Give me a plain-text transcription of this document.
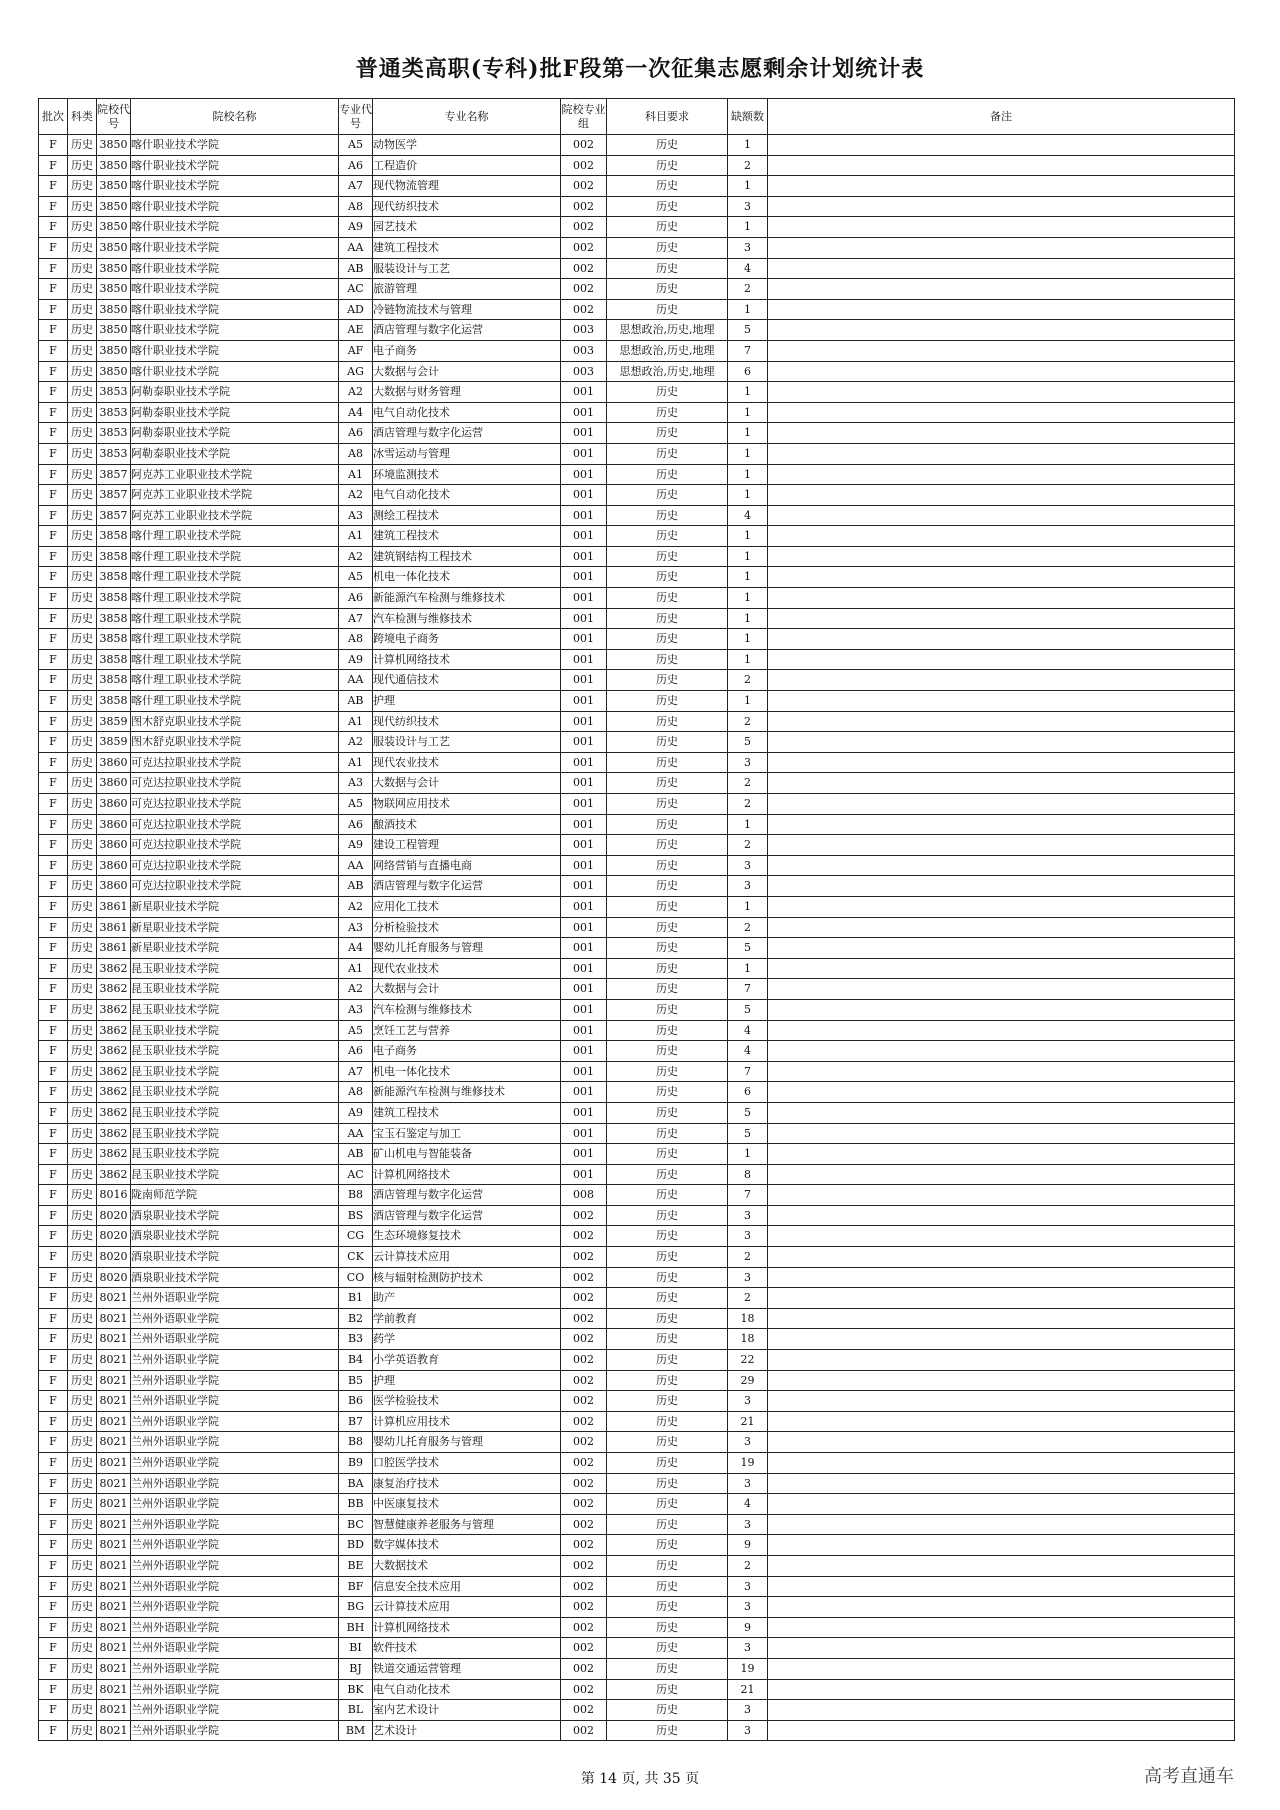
普通类高职(专科)批F段第一次征集志愿剩余计划统计表
批次	科类	院校代号	院校名称	专业代号	专业名称	院校专业组	科目要求	缺额数	备注
F	历史	3850	喀什职业技术学院	A5	动物医学	002	历史	1	
F	历史	3850	喀什职业技术学院	A6	工程造价	002	历史	2	
F	历史	3850	喀什职业技术学院	A7	现代物流管理	002	历史	1	
F	历史	3850	喀什职业技术学院	A8	现代纺织技术	002	历史	3	
F	历史	3850	喀什职业技术学院	A9	园艺技术	002	历史	1	
F	历史	3850	喀什职业技术学院	AA	建筑工程技术	002	历史	3	
F	历史	3850	喀什职业技术学院	AB	服装设计与工艺	002	历史	4	
F	历史	3850	喀什职业技术学院	AC	旅游管理	002	历史	2	
F	历史	3850	喀什职业技术学院	AD	冷链物流技术与管理	002	历史	1	
F	历史	3850	喀什职业技术学院	AE	酒店管理与数字化运营	003	思想政治,历史,地理	5	
F	历史	3850	喀什职业技术学院	AF	电子商务	003	思想政治,历史,地理	7	
F	历史	3850	喀什职业技术学院	AG	大数据与会计	003	思想政治,历史,地理	6	
F	历史	3853	阿勒泰职业技术学院	A2	大数据与财务管理	001	历史	1	
F	历史	3853	阿勒泰职业技术学院	A4	电气自动化技术	001	历史	1	
F	历史	3853	阿勒泰职业技术学院	A6	酒店管理与数字化运营	001	历史	1	
F	历史	3853	阿勒泰职业技术学院	A8	冰雪运动与管理	001	历史	1	
F	历史	3857	阿克苏工业职业技术学院	A1	环境监测技术	001	历史	1	
F	历史	3857	阿克苏工业职业技术学院	A2	电气自动化技术	001	历史	1	
F	历史	3857	阿克苏工业职业技术学院	A3	测绘工程技术	001	历史	4	
F	历史	3858	喀什理工职业技术学院	A1	建筑工程技术	001	历史	1	
F	历史	3858	喀什理工职业技术学院	A2	建筑钢结构工程技术	001	历史	1	
F	历史	3858	喀什理工职业技术学院	A5	机电一体化技术	001	历史	1	
F	历史	3858	喀什理工职业技术学院	A6	新能源汽车检测与维修技术	001	历史	1	
F	历史	3858	喀什理工职业技术学院	A7	汽车检测与维修技术	001	历史	1	
F	历史	3858	喀什理工职业技术学院	A8	跨境电子商务	001	历史	1	
F	历史	3858	喀什理工职业技术学院	A9	计算机网络技术	001	历史	1	
F	历史	3858	喀什理工职业技术学院	AA	现代通信技术	001	历史	2	
F	历史	3858	喀什理工职业技术学院	AB	护理	001	历史	1	
F	历史	3859	图木舒克职业技术学院	A1	现代纺织技术	001	历史	2	
F	历史	3859	图木舒克职业技术学院	A2	服装设计与工艺	001	历史	5	
F	历史	3860	可克达拉职业技术学院	A1	现代农业技术	001	历史	3	
F	历史	3860	可克达拉职业技术学院	A3	大数据与会计	001	历史	2	
F	历史	3860	可克达拉职业技术学院	A5	物联网应用技术	001	历史	2	
F	历史	3860	可克达拉职业技术学院	A6	酿酒技术	001	历史	1	
F	历史	3860	可克达拉职业技术学院	A9	建设工程管理	001	历史	2	
F	历史	3860	可克达拉职业技术学院	AA	网络营销与直播电商	001	历史	3	
F	历史	3860	可克达拉职业技术学院	AB	酒店管理与数字化运营	001	历史	3	
F	历史	3861	新星职业技术学院	A2	应用化工技术	001	历史	1	
F	历史	3861	新星职业技术学院	A3	分析检验技术	001	历史	2	
F	历史	3861	新星职业技术学院	A4	婴幼儿托育服务与管理	001	历史	5	
F	历史	3862	昆玉职业技术学院	A1	现代农业技术	001	历史	1	
F	历史	3862	昆玉职业技术学院	A2	大数据与会计	001	历史	7	
F	历史	3862	昆玉职业技术学院	A3	汽车检测与维修技术	001	历史	5	
F	历史	3862	昆玉职业技术学院	A5	烹饪工艺与营养	001	历史	4	
F	历史	3862	昆玉职业技术学院	A6	电子商务	001	历史	4	
F	历史	3862	昆玉职业技术学院	A7	机电一体化技术	001	历史	7	
F	历史	3862	昆玉职业技术学院	A8	新能源汽车检测与维修技术	001	历史	6	
F	历史	3862	昆玉职业技术学院	A9	建筑工程技术	001	历史	5	
F	历史	3862	昆玉职业技术学院	AA	宝玉石鉴定与加工	001	历史	5	
F	历史	3862	昆玉职业技术学院	AB	矿山机电与智能装备	001	历史	1	
F	历史	3862	昆玉职业技术学院	AC	计算机网络技术	001	历史	8	
F	历史	8016	陇南师范学院	B8	酒店管理与数字化运营	008	历史	7	
F	历史	8020	酒泉职业技术学院	BS	酒店管理与数字化运营	002	历史	3	
F	历史	8020	酒泉职业技术学院	CG	生态环境修复技术	002	历史	3	
F	历史	8020	酒泉职业技术学院	CK	云计算技术应用	002	历史	2	
F	历史	8020	酒泉职业技术学院	CO	核与辐射检测防护技术	002	历史	3	
F	历史	8021	兰州外语职业学院	B1	助产	002	历史	2	
F	历史	8021	兰州外语职业学院	B2	学前教育	002	历史	18	
F	历史	8021	兰州外语职业学院	B3	药学	002	历史	18	
F	历史	8021	兰州外语职业学院	B4	小学英语教育	002	历史	22	
F	历史	8021	兰州外语职业学院	B5	护理	002	历史	29	
F	历史	8021	兰州外语职业学院	B6	医学检验技术	002	历史	3	
F	历史	8021	兰州外语职业学院	B7	计算机应用技术	002	历史	21	
F	历史	8021	兰州外语职业学院	B8	婴幼儿托育服务与管理	002	历史	3	
F	历史	8021	兰州外语职业学院	B9	口腔医学技术	002	历史	19	
F	历史	8021	兰州外语职业学院	BA	康复治疗技术	002	历史	3	
F	历史	8021	兰州外语职业学院	BB	中医康复技术	002	历史	4	
F	历史	8021	兰州外语职业学院	BC	智慧健康养老服务与管理	002	历史	3	
F	历史	8021	兰州外语职业学院	BD	数字媒体技术	002	历史	9	
F	历史	8021	兰州外语职业学院	BE	大数据技术	002	历史	2	
F	历史	8021	兰州外语职业学院	BF	信息安全技术应用	002	历史	3	
F	历史	8021	兰州外语职业学院	BG	云计算技术应用	002	历史	3	
F	历史	8021	兰州外语职业学院	BH	计算机网络技术	002	历史	9	
F	历史	8021	兰州外语职业学院	BI	软件技术	002	历史	3	
F	历史	8021	兰州外语职业学院	BJ	铁道交通运营管理	002	历史	19	
F	历史	8021	兰州外语职业学院	BK	电气自动化技术	002	历史	21	
F	历史	8021	兰州外语职业学院	BL	室内艺术设计	002	历史	3	
F	历史	8021	兰州外语职业学院	BM	艺术设计	002	历史	3	
第 14 页, 共 35 页	高考直通车
